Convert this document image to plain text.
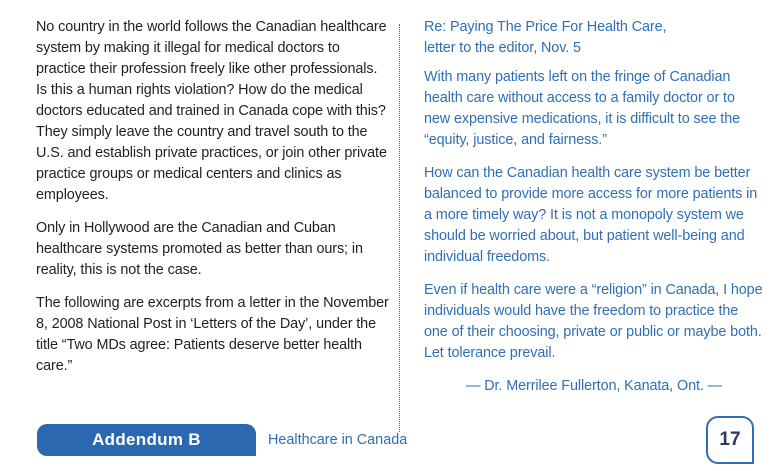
No country in the world follows the Canadian healthcare system by making it illegal for medical doctors to practice their profession freely like other professionals. Is this a human rights violation? How do the medical doctors educated and trained in Canada cope with this? They simply leave the country and travel south to the U.S. and establish private practices, or join other private practice groups or medical centers and clinics as employees.

Only in Hollywood are the Canadian and Cuban healthcare systems promoted as better than ours; in reality, this is not the case.

The following are excerpts from a letter in the November 8, 2008 National Post in ‘Letters of the Day’, under the title “Two MDs agree: Patients deserve better health care.”

Re: Paying The Price For Health Care,
letter to the editor, Nov. 5

With many patients left on the fringe of Canadian health care without access to a family doctor or to new expensive medications, it is difficult to see the “equity, justice, and fairness.”

How can the Canadian health care system be better balanced to provide more access for more patients in a more timely way? It is not a monopoly system we should be worried about, but patient well-being and individual freedoms.

Even if health care were a “religion” in Canada, I hope individuals would have the freedom to practice the one of their choosing, private or public or maybe both. Let tolerance prevail.

— Dr. Merrilee Fullerton, Kanata, Ont. —

Addendum B	Healthcare in Canada	17
